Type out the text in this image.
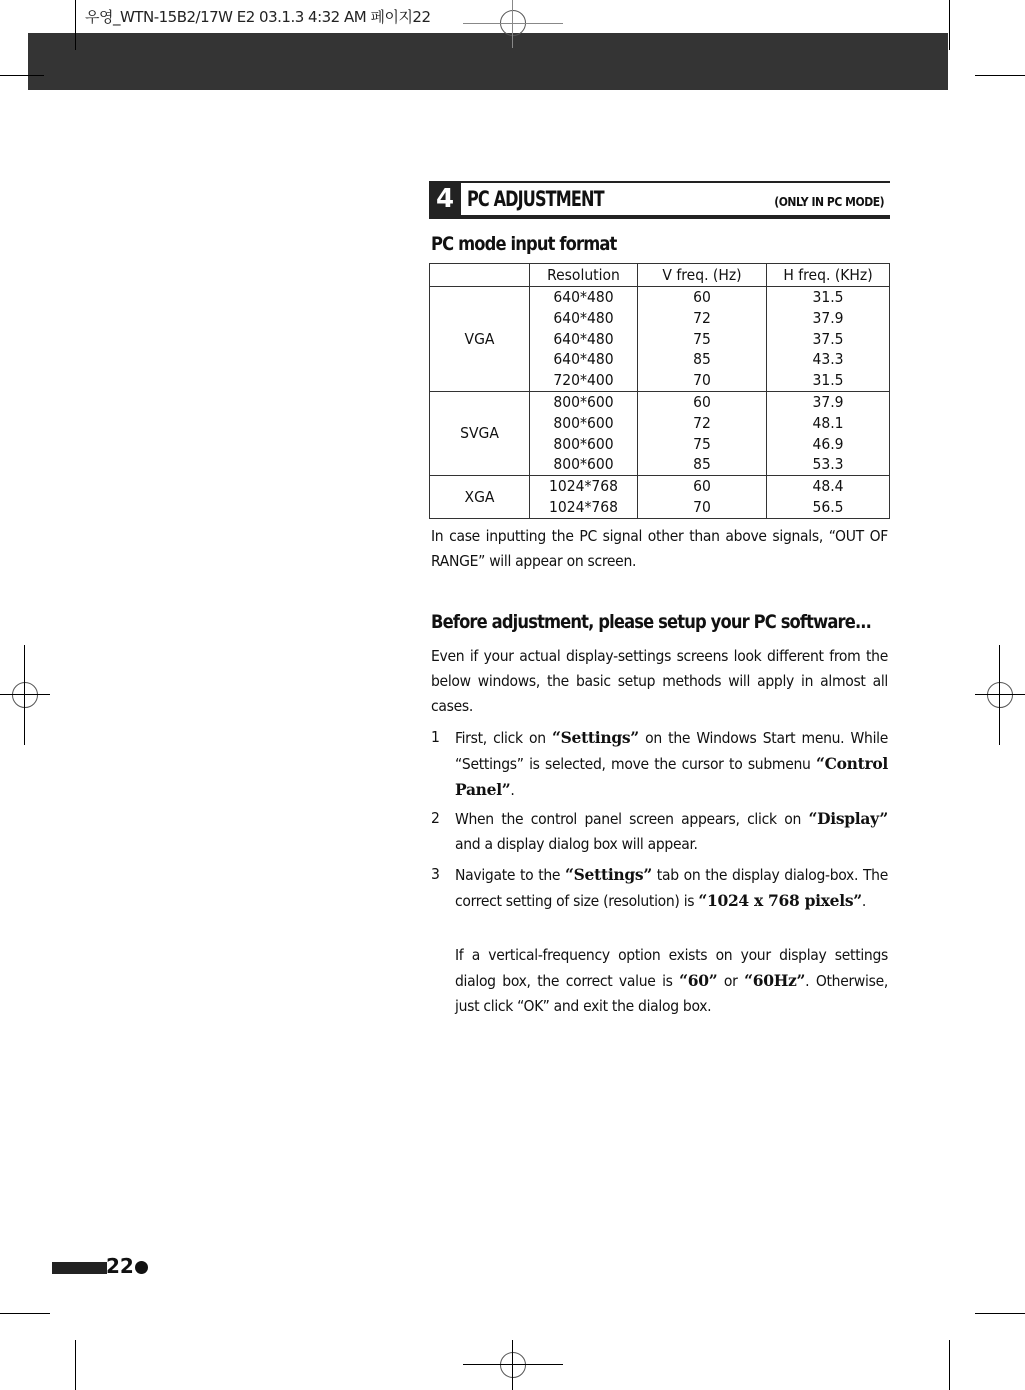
우영_WTN-15B2/17W E2 03.1.3 4:32 AM 페이지22
4 PC ADJUSTMENT	(ONLY IN PC MODE)
PC mode input format
	Resolution	V freq. (Hz)	H freq. (KHz)
VGA	640*480	60	31.5
	640*480	72	37.9
	640*480	75	37.5
	640*480	85	43.3
	720*400	70	31.5
SVGA	800*600	60	37.9
	800*600	72	48.1
	800*600	75	46.9
	800*600	85	53.3
XGA	1024*768	60	48.4
	1024*768	70	56.5
In case inputting the PC signal other than above signals, “OUT OF RANGE” will appear on screen.
Before adjustment, please setup your PC software...
Even if your actual display-settings screens look different from the below windows, the basic setup methods will apply in almost all cases.
1 First, click on “Settings” on the Windows Start menu. While “Settings” is selected, move the cursor to submenu “Control Panel”.
2 When the control panel screen appears, click on “Display” and a display dialog box will appear.
3 Navigate to the “Settings” tab on the display dialog-box. The correct setting of size (resolution) is “1024 x 768 pixels”.
If a vertical-frequency option exists on your display settings dialog box, the correct value is “60” or “60Hz”. Otherwise, just click “OK” and exit the dialog box.
22
